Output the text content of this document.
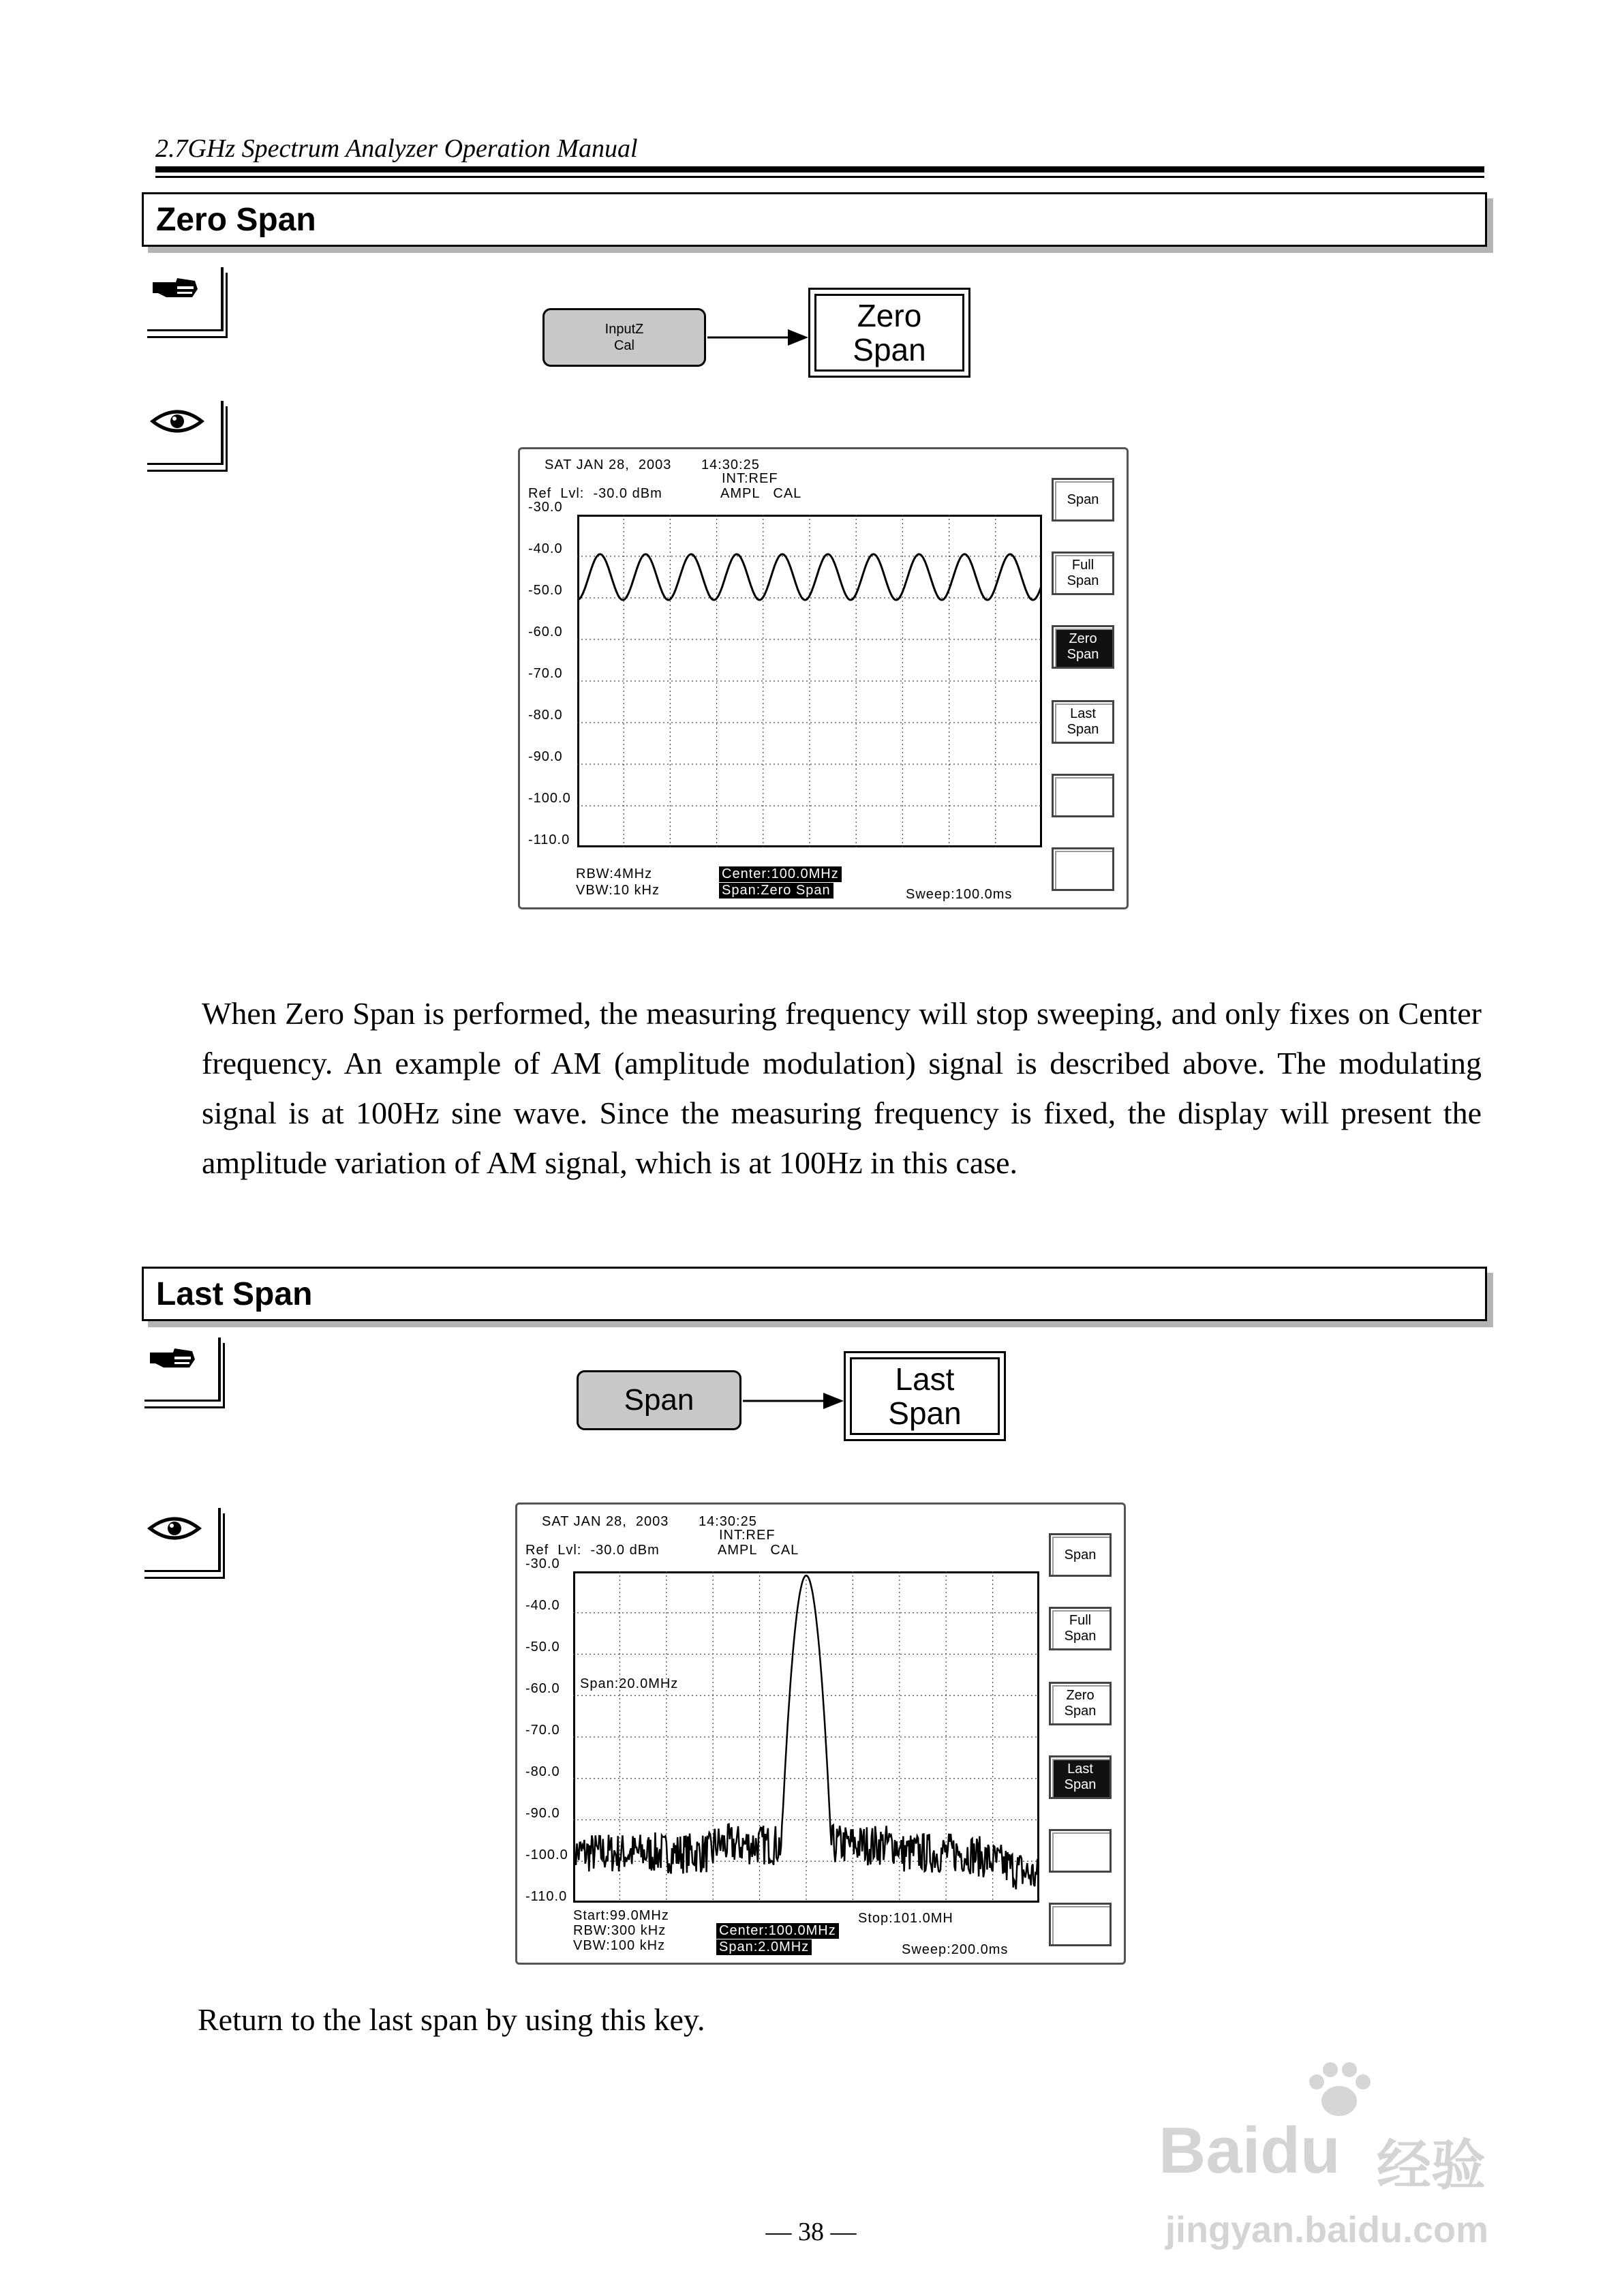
2.7GHz Spectrum Analyzer Operation Manual
Zero Span
InputZ
Cal
Zero
Span
SAT JAN 28,  2003 14:30:25
INT:REF
Ref  Lvl:  -30.0 dBm	AMPL   CAL
-30.0
-40.0
-50.0
-60.0
-70.0
-80.0
-90.0
-100.0
-110.0
RBW:4MHz
VBW:10 kHz
Center:100.0MHz
Span:Zero Span	Sweep:100.0ms
Span
Full
Span
Zero
Span
Last
Span
When Zero Span is performed, the measuring frequency will stop sweeping, and only fixes on Center frequency. An example of AM (amplitude modulation) signal is described above. The modulating signal is at 100Hz sine wave. Since the measuring frequency is fixed, the display will present the amplitude variation of AM signal, which is at 100Hz in this case.
Last Span
Span
Last
Span
SAT JAN 28,  2003 14:30:25
INT:REF
Ref  Lvl:  -30.0 dBm	AMPL   CAL
-30.0
-40.0
-50.0
-60.0
-70.0
-80.0
-90.0
-100.0
-110.0
Span:20.0MHz
Start:99.0MHz	Stop:101.0MH
RBW:300 kHz
VBW:100 kHz
Center:100.0MHz
Span:2.0MHz	Sweep:200.0ms
Span
Full
Span
Zero
Span
Last
Span
Return to the last span by using this key.
— 38 —
Baidu 经验
jingyan.baidu.com
